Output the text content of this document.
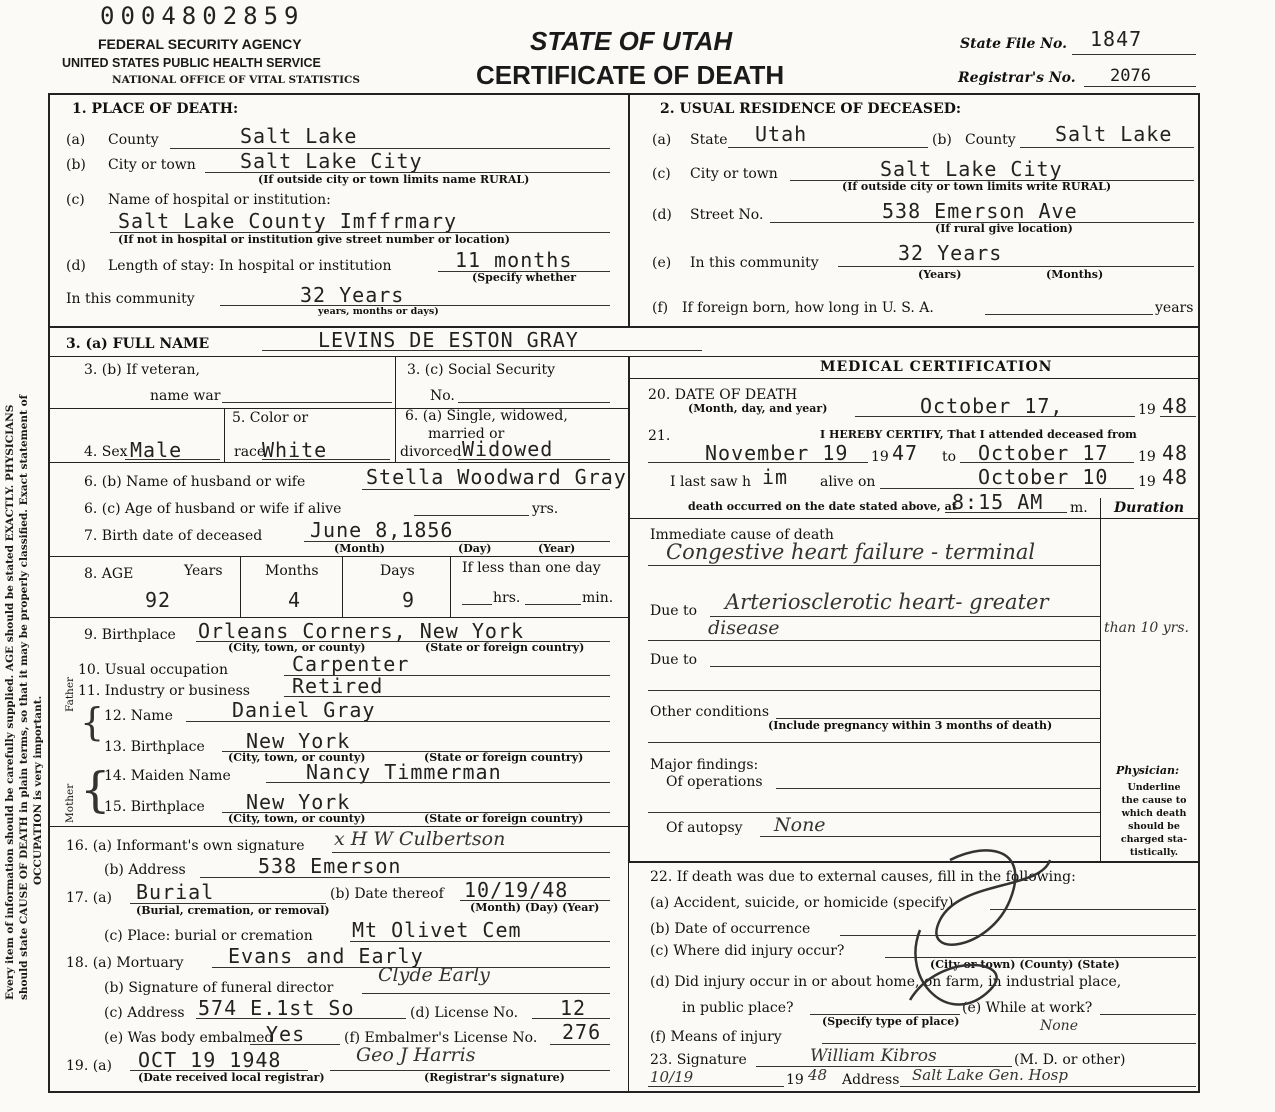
0004802859
FEDERAL SECURITY AGENCY
UNITED STATES PUBLIC HEALTH SERVICE
NATIONAL OFFICE OF VITAL STATISTICS
STATE OF UTAH
CERTIFICATE OF DEATH
State File No. 1847
Registrar's No. 2076
Every item of information should be carefully supplied. AGE should be stated EXACTLY. PHYSICIANS should state CAUSE OF DEATH in plain terms, so that it may be properly classified. Exact statement of OCCUPATION is very important.
1. PLACE OF DEATH:
(a) County	Salt Lake
(b) City or town Salt Lake City
(If outside city or town limits name RURAL)
(c) Name of hospital or institution:
Salt Lake County Imffrmary
(If not in hospital or institution give street number or location)
(d) Length of stay: In hospital or institution	11 months
(Specify whether
In this community	32 Years
years, months or days)
2. USUAL RESIDENCE OF DECEASED:
(a) State Utah	(b) County Salt Lake
(c) City or town	Salt Lake City
(If outside city or town limits write RURAL)
(d) Street No.	538 Emerson Ave
(If rural give location)
(e) In this community	32 Years
(Years)	(Months)
(f) If foreign born, how long in U. S. A.	years
3. (a) FULL NAME	LEVINS DE ESTON GRAY
3. (b) If veteran,
name war
3. (c) Social Security
No.
4. Sex Male
5. Color or
race
White
6. (a) Single, widowed,
married or
divorced Widowed
6. (b) Name of husband or wife	Stella Woodward Gray
6. (c) Age of husband or wife if alive	yrs.
7. Birth date of deceased June 8,1856
(Month)	(Day)	(Year)
8. AGE	Years	Months	Days	If less than one day
92	4	9	hrs.	min.
9. Birthplace Orleans Corners, New York
(City, town, or county)	(State or foreign country)
10. Usual occupation	Carpenter
11. Industry or business Retired
Father
Mother
{
{
12. Name	Daniel Gray
13. Birthplace New York
(City, town, or county)	(State or foreign country)
14. Maiden Name	Nancy Timmerman
15. Birthplace New York
(City, town, or county)	(State or foreign country)
16. (a) Informant's own signature x H W Culbertson
(b) Address	538 Emerson
17. (a) Burial
(Burial, cremation, or removal)
(b) Date thereof 10/19/48
(Month) (Day) (Year)
(c) Place: burial or cremation Mt Olivet Cem
18. (a) Mortuary Evans and Early
(b) Signature of funeral director
Clyde Early
(c) Address 574 E.1st So	(d) License No. 12
(e) Was body embalmed
Yes	(f) Embalmer's License No. 276
19. (a) OCT 19 1948
(Date received local registrar)
Geo J Harris
(Registrar's signature)
MEDICAL CERTIFICATION
20. DATE OF DEATH
(Month, day, and year)	October 17,	19 48
21.	I HEREBY CERTIFY, That I attended deceased from
November 19 19 47 to October 17 19 48
I last saw h im alive on	October 10 19 48
death occurred on the date stated above, at
8:15 AM m. Duration
Immediate cause of death
Congestive heart failure - terminal
Due to Arteriosclerotic heart- greater
disease	than 10 yrs.
Due to
Other conditions
(Include pregnancy within 3 months of death)
Major findings:
Of operations
Of autopsy None
Physician:
Underline
the cause to
which death
should be
charged sta-
tistically.
22. If death was due to external causes, fill in the following:
(a) Accident, suicide, or homicide (specify)
(b) Date of occurrence
(c) Where did injury occur?
(City or town) (County) (State)
(d) Did injury occur in or about home, on farm, in industrial place,
in public place?
(Specify type of place)
(e) While at work?
(f) Means of injury
None
23. Signature	William Kibros	(M. D. or other)
10/19	19 48 Address Salt Lake Gen. Hosp
